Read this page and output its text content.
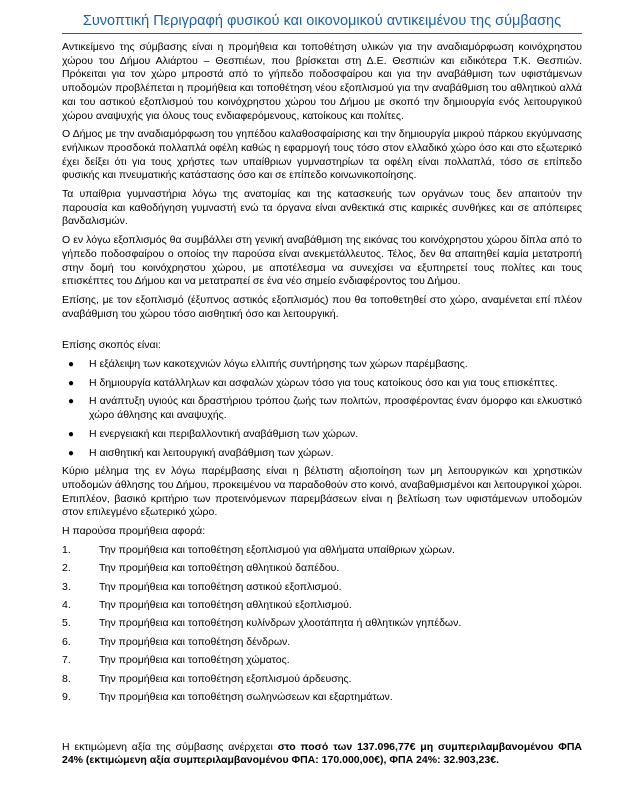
Συνοπτική Περιγραφή φυσικού και οικονομικού αντικειμένου της σύμβασης

Αντικείμενο της σύμβασης είναι η προμήθεια και τοποθέτηση υλικών για την αναδιαμόρφωση κοινόχρηστου χώρου του Δήμου Αλιάρτου – Θεσπιέων, που βρίσκεται στη Δ.Ε. Θεσπιών και ειδικότερα Τ.Κ. Θεσπιών. Πρόκειται για τον χώρο μπροστά από το γήπεδο ποδοσφαίρου και για την αναβάθμιση των υφιστάμενων υποδομών προβλέπεται η προμήθεια και τοποθέτηση νέου εξοπλισμού για την αναβάθμιση του αθλητικού αλλά και του αστικού εξοπλισμού του κοινόχρηστου χώρου του Δήμου με σκοπό την δημιουργία ενός λειτουργικού χώρου αναψυχής για όλους τους ενδιαφερόμενους, κατοίκους και πολίτες.

Ο Δήμος με την αναδιαμόρφωση του γηπέδου καλαθοσφαίρισης και την δημιουργία μικρού πάρκου εκγύμνασης ενήλικων προσδοκά πολλαπλά οφέλη καθώς η εφαρμογή τους τόσο στον ελλαδικό χώρο όσο και στο εξωτερικό έχει δείξει ότι για τους χρήστες των υπαίθριων γυμναστηρίων τα οφέλη είναι πολλαπλά, τόσο σε επίπεδο φυσικής και πνευματικής κατάστασης όσο και σε επίπεδο κοινωνικοποίησης.

Τα υπαίθρια γυμναστήρια λόγω της ανατομίας και της κατασκευής των οργάνων τους δεν απαιτούν την παρουσία και καθοδήγηση γυμναστή ενώ τα όργανα είναι ανθεκτικά στις καιρικές συνθήκες και σε απόπειρες βανδαλισμών.

Ο εν λόγω εξοπλισμός θα συμβάλλει στη γενική αναβάθμιση της εικόνας του κοινόχρηστου χώρου δίπλα από το γήπεδο ποδοσφαίρου ο οποίος την παρούσα είναι ανεκμετάλλευτος. Τέλος, δεν θα απαιτηθεί καμία μετατροπή στην δομή του κοινόχρηστου χώρου, με αποτέλεσμα να συνεχίσει να εξυπηρετεί τους πολίτες και τους επισκέπτες του Δήμου και να μετατραπεί σε ένα νέο σημείο ενδιαφέροντος του Δήμου.

Επίσης, με τον εξοπλισμό (έξυπνος αστικός εξοπλισμός) που θα τοποθετηθεί στο χώρο, αναμένεται επί πλέον αναβάθμιση του χώρου τόσο αισθητική όσο και λειτουργική.

Επίσης σκοπός είναι:

● Η εξάλειψη των κακοτεχνιών λόγω ελλιπής συντήρησης των χώρων παρέμβασης.
● Η δημιουργία κατάλληλων και ασφαλών χώρων τόσο για τους κατοίκους όσο και για τους επισκέπτες.
● Η ανάπτυξη υγιούς και δραστήριου τρόπου ζωής των πολιτών, προσφέροντας έναν όμορφο και ελκυστικό χώρο άθλησης και αναψυχής.
● Η ενεργειακή και περιβαλλοντική αναβάθμιση των χώρων.
● Η αισθητική και λειτουργική αναβάθμιση των χώρων.

Κύριο μέλημα της εν λόγω παρέμβασης είναι η βέλτιστη αξιοποίηση των μη λειτουργικών και χρηστικών υποδομών άθλησης του Δήμου, προκειμένου να παραδοθούν στο κοινό, αναβαθμισμένοι και λειτουργικοί χώροι. Επιπλέον, βασικό κριτήριο των προτεινόμενων παρεμβάσεων είναι η βελτίωση των υφιστάμενων υποδομών στον επιλεγμένο εξωτερικό χώρο.

Η παρούσα προμήθεια αφορά:

1.	Την προμήθεια και τοποθέτηση εξοπλισμού για αθλήματα υπαίθριων χώρων.
2.	Την προμήθεια και τοποθέτηση αθλητικού δαπέδου.
3.	Την προμήθεια και τοποθέτηση αστικού εξοπλισμού.
4.	Την προμήθεια και τοποθέτηση αθλητικού εξοπλισμού.
5.	Την προμήθεια και τοποθέτηση κυλίνδρων χλοοτάπητα ή αθλητικών γηπέδων.
6.	Την προμήθεια και τοποθέτηση δένδρων.
7.	Την προμήθεια και τοποθέτηση χώματος.
8.	Την προμήθεια και τοποθέτηση εξοπλισμού άρδευσης.
9.	Την προμήθεια και τοποθέτηση σωληνώσεων και εξαρτημάτων.

Η εκτιμώμενη αξία της σύμβασης ανέρχεται στο ποσό των 137.096,77€ μη συμπεριλαμβανομένου ΦΠΑ 24% (εκτιμώμενη αξία συμπεριλαμβανομένου ΦΠΑ: 170.000,00€), ΦΠΑ 24%: 32.903,23€.
